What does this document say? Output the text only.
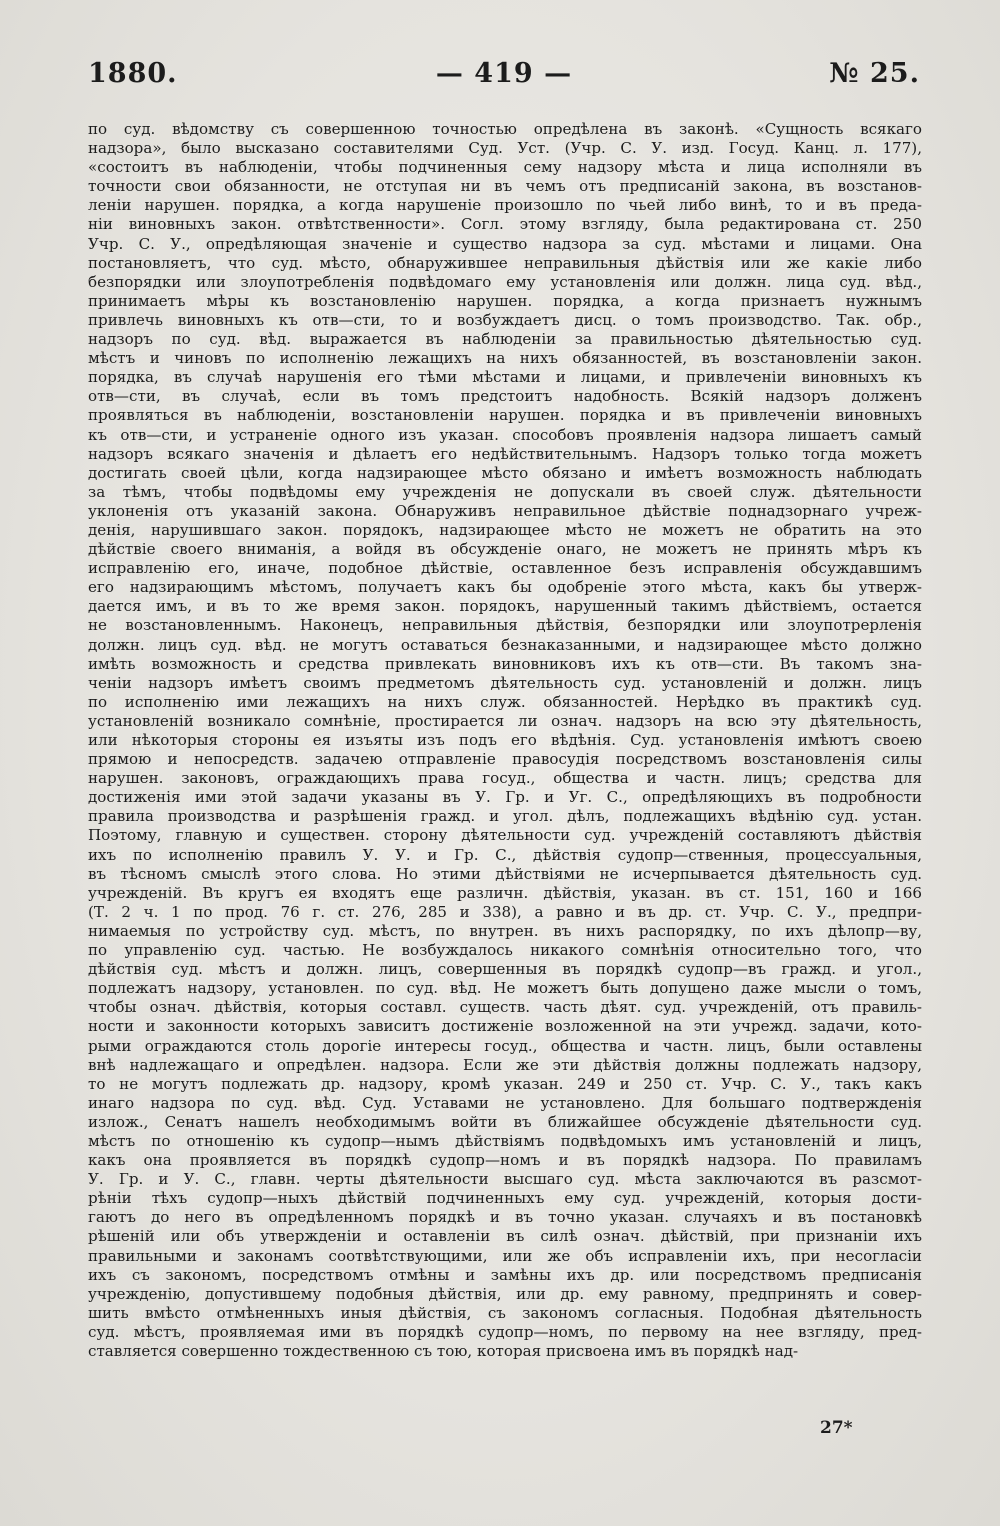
1880.	— 419 —	№ 25.
по суд. вѣдомству съ совершенною точностью опредѣлена въ законѣ. «Сущность всякаго
надзора», было высказано составителями Суд. Уст. (Учр. С. У. изд. Госуд. Канц. л. 177),
«состоитъ въ наблюденіи, чтобы подчиненныя сему надзору мѣста и лица исполняли въ
точности свои обязанности, не отступая ни въ чемъ отъ предписаній закона, въ возстанов-
леніи нарушен. порядка, а когда нарушеніе произошло по чьей либо винѣ, то и въ преда-
ніи виновныхъ закон. отвѣтственности». Согл. этому взгляду, была редактирована ст. 250
Учр. С. У., опредѣляющая значеніе и существо надзора за суд. мѣстами и лицами. Она
постановляетъ, что суд. мѣсто, обнаружившее неправильныя дѣйствія или же какіе либо
безпорядки или злоупотребленія подвѣдомаго ему установленія или должн. лица суд. вѣд.,
принимаетъ мѣры къ возстановленію нарушен. порядка, а когда признаетъ нужнымъ
привлечь виновныхъ къ отв—сти, то и возбуждаетъ дисц. о томъ производство. Так. обр.,
надзоръ по суд. вѣд. выражается въ наблюденіи за правильностью дѣятельностью суд.
мѣстъ и чиновъ по исполненію лежащихъ на нихъ обязанностей, въ возстановленіи закон.
порядка, въ случаѣ нарушенія его тѣми мѣстами и лицами, и привлеченіи виновныхъ къ
отв—сти, въ случаѣ, если въ томъ предстоитъ надобность. Всякій надзоръ долженъ
проявляться въ наблюденіи, возстановленіи нарушен. порядка и въ привлеченіи виновныхъ
къ отв—сти, и устраненіе одного изъ указан. способовъ проявленія надзора лишаетъ самый
надзоръ всякаго значенія и дѣлаетъ его недѣйствительнымъ. Надзоръ только тогда можетъ
достигать своей цѣли, когда надзирающее мѣсто обязано и имѣетъ возможность наблюдать
за тѣмъ, чтобы подвѣдомы ему учрежденія не допускали въ своей служ. дѣятельности
уклоненія отъ указаній закона. Обнаруживъ неправильное дѣйствіе поднадзорнаго учреж-
денія, нарушившаго закон. порядокъ, надзирающее мѣсто не можетъ не обратить на это
дѣйствіе своего вниманія, а войдя въ обсужденіе онаго, не можетъ не принять мѣръ къ
исправленію его, иначе, подобное дѣйствіе, оставленное безъ исправленія обсуждавшимъ
его надзирающимъ мѣстомъ, получаетъ какъ бы одобреніе этого мѣста, какъ бы утверж-
дается имъ, и въ то же время закон. порядокъ, нарушенный такимъ дѣйствіемъ, остается
не возстановленнымъ. Наконецъ, неправильныя дѣйствія, безпорядки или злоупотрерленія
должн. лицъ суд. вѣд. не могутъ оставаться безнаказанными, и надзирающее мѣсто должно
имѣть возможность и средства привлекать виновниковъ ихъ къ отв—сти. Въ такомъ зна-
ченіи надзоръ имѣетъ своимъ предметомъ дѣятельность суд. установленій и должн. лицъ
по исполненію ими лежащихъ на нихъ служ. обязанностей. Нерѣдко въ практикѣ суд.
установленій возникало сомнѣніе, простирается ли означ. надзоръ на всю эту дѣятельность,
или нѣкоторыя стороны ея изъяты изъ подъ его вѣдѣнія. Суд. установленія имѣютъ своею
прямою и непосредств. задачею отправленіе правосудія посредствомъ возстановленія силы
нарушен. законовъ, ограждающихъ права госуд., общества и частн. лицъ; средства для
достиженія ими этой задачи указаны въ У. Гр. и Уг. С., опредѣляющихъ въ подробности
правила производства и разрѣшенія гражд. и угол. дѣлъ, подлежащихъ вѣдѣнію суд. устан.
Поэтому, главную и существен. сторону дѣятельности суд. учрежденій составляютъ дѣйствія
ихъ по исполненію правилъ У. У. и Гр. С., дѣйствія судопр—ственныя, процессуальныя,
въ тѣсномъ смыслѣ этого слова. Но этими дѣйствіями не исчерпывается дѣятельность суд.
учрежденій. Въ кругъ ея входятъ еще различн. дѣйствія, указан. въ ст. 151, 160 и 166
(Т. 2 ч. 1 по прод. 76 г. ст. 276, 285 и 338), а равно и въ др. ст. Учр. С. У., предпри-
нимаемыя по устройству суд. мѣстъ, по внутрен. въ нихъ распорядку, по ихъ дѣлопр—ву,
по управленію суд. частью. Не возбуждалось никакого сомнѣнія относительно того, что
дѣйствія суд. мѣстъ и должн. лицъ, совершенныя въ порядкѣ судопр—въ гражд. и угол.,
подлежатъ надзору, установлен. по суд. вѣд. Не можетъ быть допущено даже мысли о томъ,
чтобы означ. дѣйствія, которыя составл. существ. часть дѣят. суд. учрежденій, отъ правиль-
ности и законности которыхъ зависитъ достиженіе возложенной на эти учрежд. задачи, кото-
рыми ограждаются столь дорогіе интересы госуд., общества и частн. лицъ, были оставлены
внѣ надлежащаго и опредѣлен. надзора. Если же эти дѣйствія должны подлежать надзору,
то не могутъ подлежать др. надзору, кромѣ указан. 249 и 250 ст. Учр. С. У., такъ какъ
инаго надзора по суд. вѣд. Суд. Уставами не установлено. Для большаго подтвержденія
излож., Сенатъ нашелъ необходимымъ войти въ ближайшее обсужденіе дѣятельности суд.
мѣстъ по отношенію къ судопр—нымъ дѣйствіямъ подвѣдомыхъ имъ установленій и лицъ,
какъ она проявляется въ порядкѣ судопр—номъ и въ порядкѣ надзора. По правиламъ
У. Гр. и У. С., главн. черты дѣятельности высшаго суд. мѣста заключаются въ разсмот-
рѣніи тѣхъ судопр—ныхъ дѣйствій подчиненныхъ ему суд. учрежденій, которыя дости-
гаютъ до него въ опредѣленномъ порядкѣ и въ точно указан. случаяхъ и въ постановкѣ
рѣшеній или объ утвержденіи и оставленіи въ силѣ означ. дѣйствій, при признаніи ихъ
правильными и законамъ соотвѣтствующими, или же объ исправленіи ихъ, при несогласіи
ихъ съ закономъ, посредствомъ отмѣны и замѣны ихъ др. или посредствомъ предписанія
учрежденію, допустившему подобныя дѣйствія, или др. ему равному, предпринять и совер-
шить вмѣсто отмѣненныхъ иныя дѣйствія, съ закономъ согласныя. Подобная дѣятельность
суд. мѣстъ, проявляемая ими въ порядкѣ судопр—номъ, по первому на нее взгляду, пред-
ставляется совершенно тождественною съ тою, которая присвоена имъ въ порядкѣ над-
27*
